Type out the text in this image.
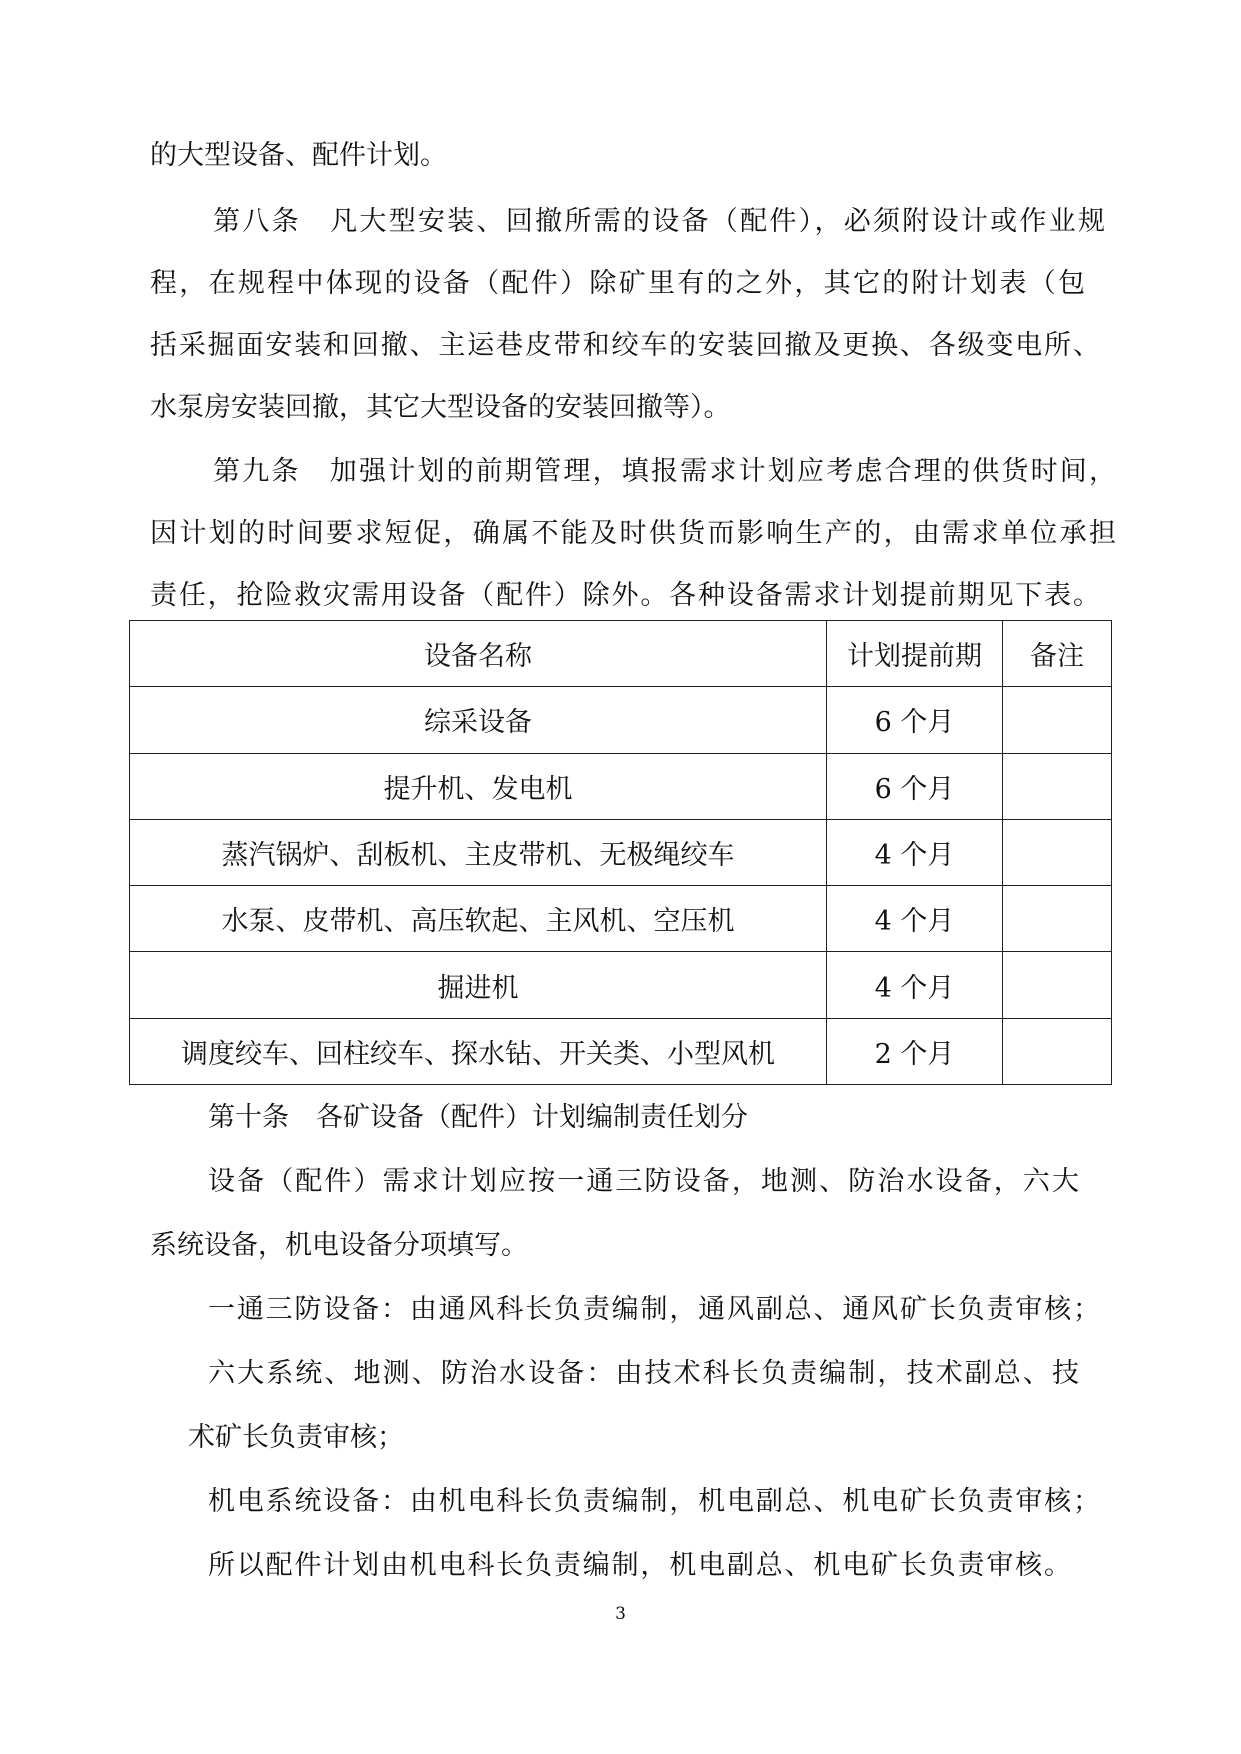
的大型设备、配件计划。
第八条　凡大型安装、回撤所需的设备（配件），必须附设计或作业规
程，在规程中体现的设备（配件）除矿里有的之外，其它的附计划表（包
括采掘面安装和回撤、主运巷皮带和绞车的安装回撤及更换、各级变电所、
水泵房安装回撤，其它大型设备的安装回撤等）。
第九条　加强计划的前期管理，填报需求计划应考虑合理的供货时间，
因计划的时间要求短促，确属不能及时供货而影响生产的，由需求单位承担
责任，抢险救灾需用设备（配件）除外。各种设备需求计划提前期见下表。
设备名称	计划提前期	备注
综采设备	6 个月	
提升机、发电机	6 个月	
蒸汽锅炉、刮板机、主皮带机、无极绳绞车	4 个月	
水泵、皮带机、高压软起、主风机、空压机	4 个月	
掘进机	4 个月	
调度绞车、回柱绞车、探水钻、开关类、小型风机	2 个月	
第十条　各矿设备（配件）计划编制责任划分
设备（配件）需求计划应按一通三防设备，地测、防治水设备，六大
系统设备，机电设备分项填写。
一通三防设备：由通风科长负责编制，通风副总、通风矿长负责审核；
六大系统、地测、防治水设备：由技术科长负责编制，技术副总、技
术矿长负责审核；
机电系统设备：由机电科长负责编制，机电副总、机电矿长负责审核；
所以配件计划由机电科长负责编制，机电副总、机电矿长负责审核。
3
